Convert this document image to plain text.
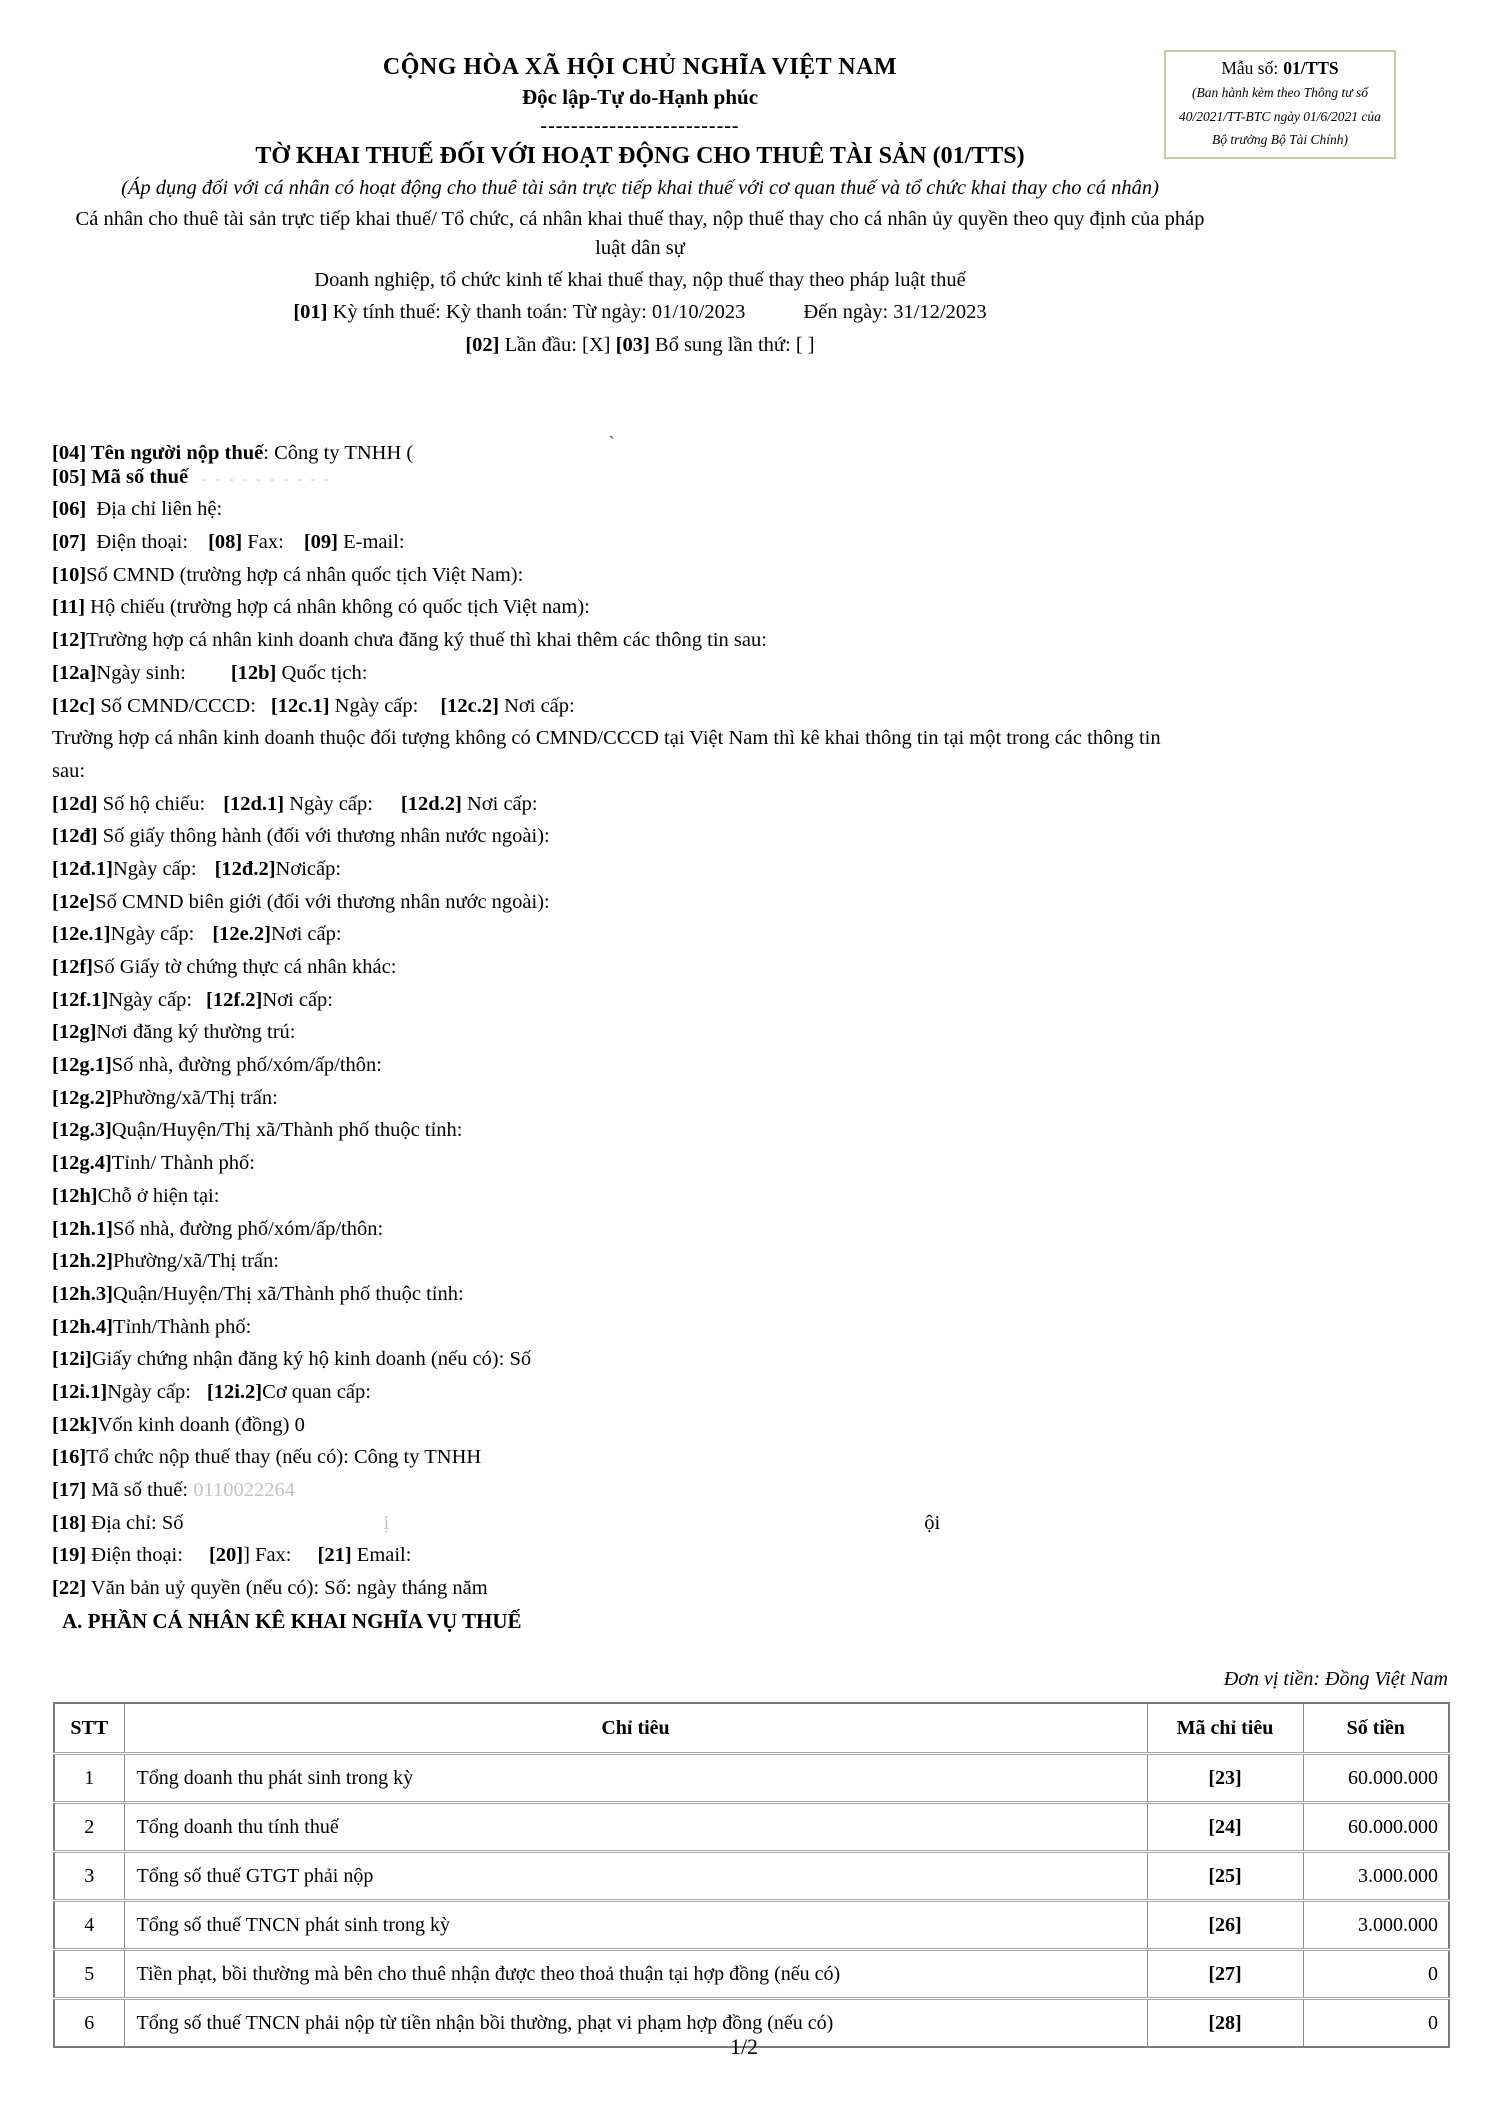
CỘNG HÒA XÃ HỘI CHỦ NGHĨA VIỆT NAM
Độc lập-Tự do-Hạnh phúc
--------------------------
TỜ KHAI THUẾ ĐỐI VỚI HOẠT ĐỘNG CHO THUÊ TÀI SẢN (01/TTS)
(Áp dụng đối với cá nhân có hoạt động cho thuê tài sản trực tiếp khai thuế với cơ quan thuế và tổ chức khai thay cho cá nhân)
Cá nhân cho thuê tài sản trực tiếp khai thuế/ Tổ chức, cá nhân khai thuế thay, nộp thuế thay cho cá nhân ủy quyền theo quy định của pháp luật dân sự
Doanh nghiệp, tổ chức kinh tế khai thuế thay, nộp thuế thay theo pháp luật thuế
[01] Kỳ tính thuế: Kỳ thanh toán: Từ ngày: 01/10/2023	Đến ngày: 31/12/2023
[02] Lần đầu: [X] [03] Bổ sung lần thứ: [ ]
Mẫu số: 01/TTS
(Ban hành kèm theo Thông tư số 40/2021/TT-BTC ngày 01/6/2021 của Bộ trưởng Bộ Tài Chính)
[04] Tên người nộp thuế: Công ty TNHH (	`
[05] Mã số thuế - - - - - - - - - -
[06]  Địa chỉ liên hệ:
[07]  Điện thoại: [08] Fax: [09] E-mail:
[10]Số CMND (trường hợp cá nhân quốc tịch Việt Nam):
[11] Hộ chiếu (trường hợp cá nhân không có quốc tịch Việt nam):
[12]Trường hợp cá nhân kinh doanh chưa đăng ký thuế thì khai thêm các thông tin sau:
[12a]Ngày sinh: [12b] Quốc tịch:
[12c] Số CMND/CCCD: [12c.1] Ngày cấp: [12c.2] Nơi cấp:
Trường hợp cá nhân kinh doanh thuộc đối tượng không có CMND/CCCD tại Việt Nam thì kê khai thông tin tại một trong các thông tin
sau:
[12d] Số hộ chiếu: [12d.1] Ngày cấp: [12d.2] Nơi cấp:
[12đ] Số giấy thông hành (đối với thương nhân nước ngoài):
[12đ.1]Ngày cấp: [12đ.2]Nơicấp:
[12e]Số CMND biên giới (đối với thương nhân nước ngoài):
[12e.1]Ngày cấp: [12e.2]Nơi cấp:
[12f]Số Giấy tờ chứng thực cá nhân khác:
[12f.1]Ngày cấp: [12f.2]Nơi cấp:
[12g]Nơi đăng ký thường trú:
[12g.1]Số nhà, đường phố/xóm/ấp/thôn:
[12g.2]Phường/xã/Thị trấn:
[12g.3]Quận/Huyện/Thị xã/Thành phố thuộc tỉnh:
[12g.4]Tỉnh/ Thành phố:
[12h]Chỗ ở hiện tại:
[12h.1]Số nhà, đường phố/xóm/ấp/thôn:
[12h.2]Phường/xã/Thị trấn:
[12h.3]Quận/Huyện/Thị xã/Thành phố thuộc tỉnh:
[12h.4]Tỉnh/Thành phố:
[12i]Giấy chứng nhận đăng ký hộ kinh doanh (nếu có): Số
[12i.1]Ngày cấp: [12i.2]Cơ quan cấp:
[12k]Vốn kinh doanh (đồng) 0
[16]Tổ chức nộp thuế thay (nếu có): Công ty TNHH
[17] Mã số thuế: 0110022264
[18] Địa chỉ: Số	ị	ội
[19] Điện thoại: [20]] Fax: [21] Email:
[22] Văn bản uỷ quyền (nếu có): Số: ngày tháng năm
A. PHẦN CÁ NHÂN KÊ KHAI NGHĨA VỤ THUẾ
Đơn vị tiền: Đồng Việt Nam
STT	Chỉ tiêu	Mã chỉ tiêu	Số tiền
1	Tổng doanh thu phát sinh trong kỳ	[23]	60.000.000
2	Tổng doanh thu tính thuế	[24]	60.000.000
3	Tổng số thuế GTGT phải nộp	[25]	3.000.000
4	Tổng số thuế TNCN phát sinh trong kỳ	[26]	3.000.000
5	Tiền phạt, bồi thường mà bên cho thuê nhận được theo thoả thuận tại hợp đồng (nếu có)	[27]	0
6	Tổng số thuế TNCN phải nộp từ tiền nhận bồi thường, phạt vi phạm hợp đồng (nếu có)	[28]	0
1/2
